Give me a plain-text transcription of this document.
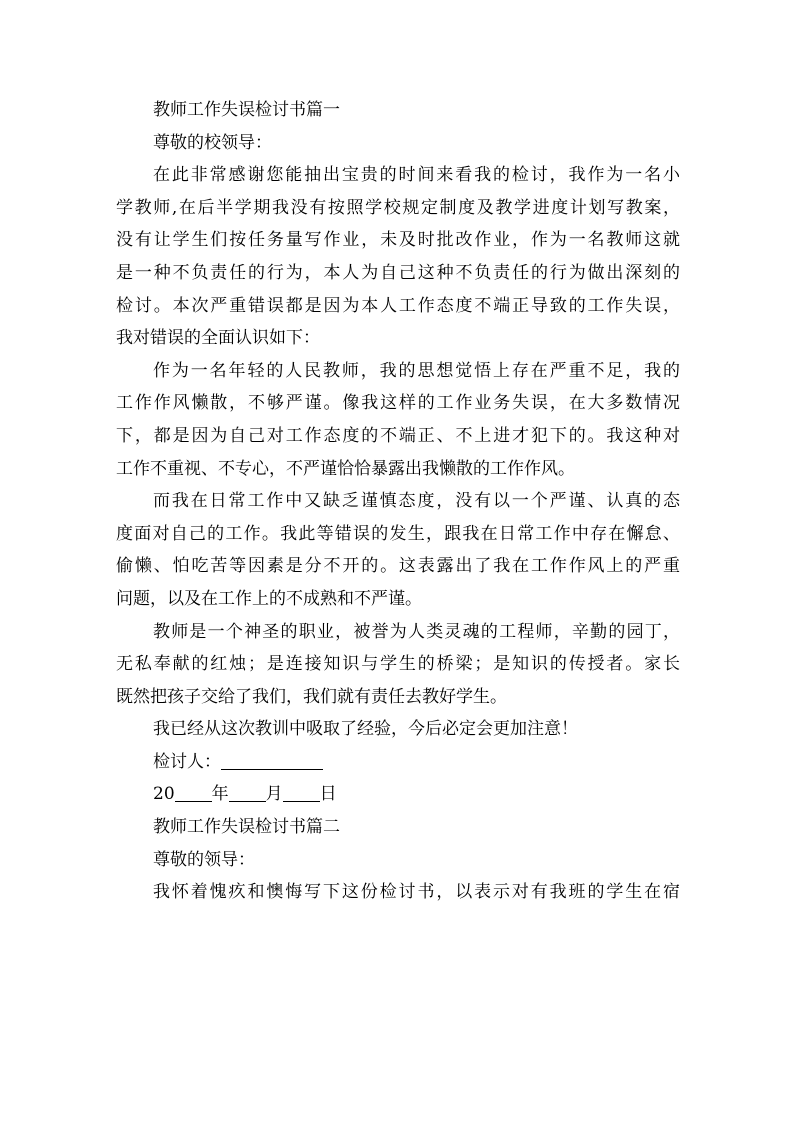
教师工作失误检讨书篇一
尊敬的校领导：
在此非常感谢您能抽出宝贵的时间来看我的检讨，我作为一名小
学教师,在后半学期我没有按照学校规定制度及教学进度计划写教案，
没有让学生们按任务量写作业，未及时批改作业，作为一名教师这就
是一种不负责任的行为，本人为自己这种不负责任的行为做出深刻的
检讨。本次严重错误都是因为本人工作态度不端正导致的工作失误，
我对错误的全面认识如下：
作为一名年轻的人民教师，我的思想觉悟上存在严重不足，我的
工作作风懒散，不够严谨。像我这样的工作业务失误，在大多数情况
下，都是因为自己对工作态度的不端正、不上进才犯下的。我这种对
工作不重视、不专心，不严谨恰恰暴露出我懒散的工作作风。
而我在日常工作中又缺乏谨慎态度，没有以一个严谨、认真的态
度面对自己的工作。我此等错误的发生，跟我在日常工作中存在懈怠、
偷懒、怕吃苦等因素是分不开的。这表露出了我在工作作风上的严重
问题，以及在工作上的不成熟和不严谨。
教师是一个神圣的职业，被誉为人类灵魂的工程师，辛勤的园丁，
无私奉献的红烛；是连接知识与学生的桥梁；是知识的传授者。家长
既然把孩子交给了我们，我们就有责任去教好学生。
我已经从这次教训中吸取了经验，今后必定会更加注意！
检讨人：
20 年 月 日
教师工作失误检讨书篇二
尊敬的领导：
我怀着愧疚和懊悔写下这份检讨书，以表示对有我班的学生在宿
